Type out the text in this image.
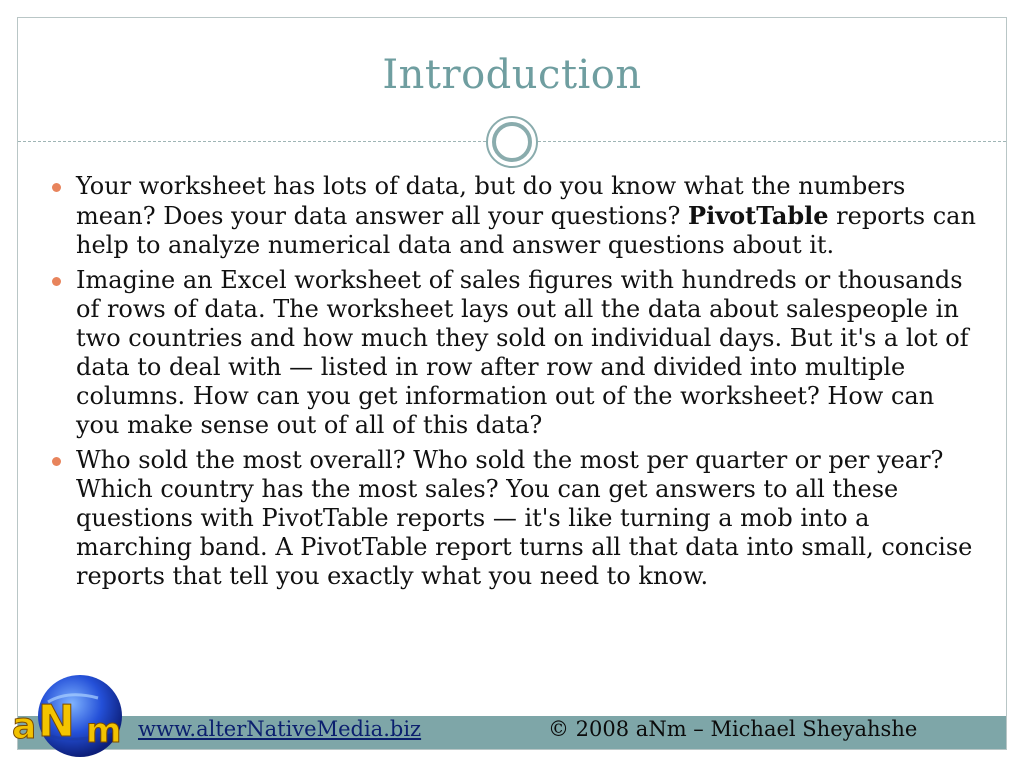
Introduction
Your worksheet has lots of data, but do you know what the numbers mean? Does your data answer all your questions? PivotTable reports can help to analyze numerical data and answer questions about it.
Imagine an Excel worksheet of sales figures with hundreds or thousands of rows of data. The worksheet lays out all the data about salespeople in two countries and how much they sold on individual days. But it's a lot of data to deal with — listed in row after row and divided into multiple columns. How can you get information out of the worksheet? How can you make sense out of all of this data?
Who sold the most overall? Who sold the most per quarter or per year? Which country has the most sales? You can get answers to all these questions with PivotTable reports — it's like turning a mob into a marching band. A PivotTable report turns all that data into small, concise reports that tell you exactly what you need to know.
a N m www.alterNativeMedia.biz	© 2008 aNm – Michael Sheyahshe
